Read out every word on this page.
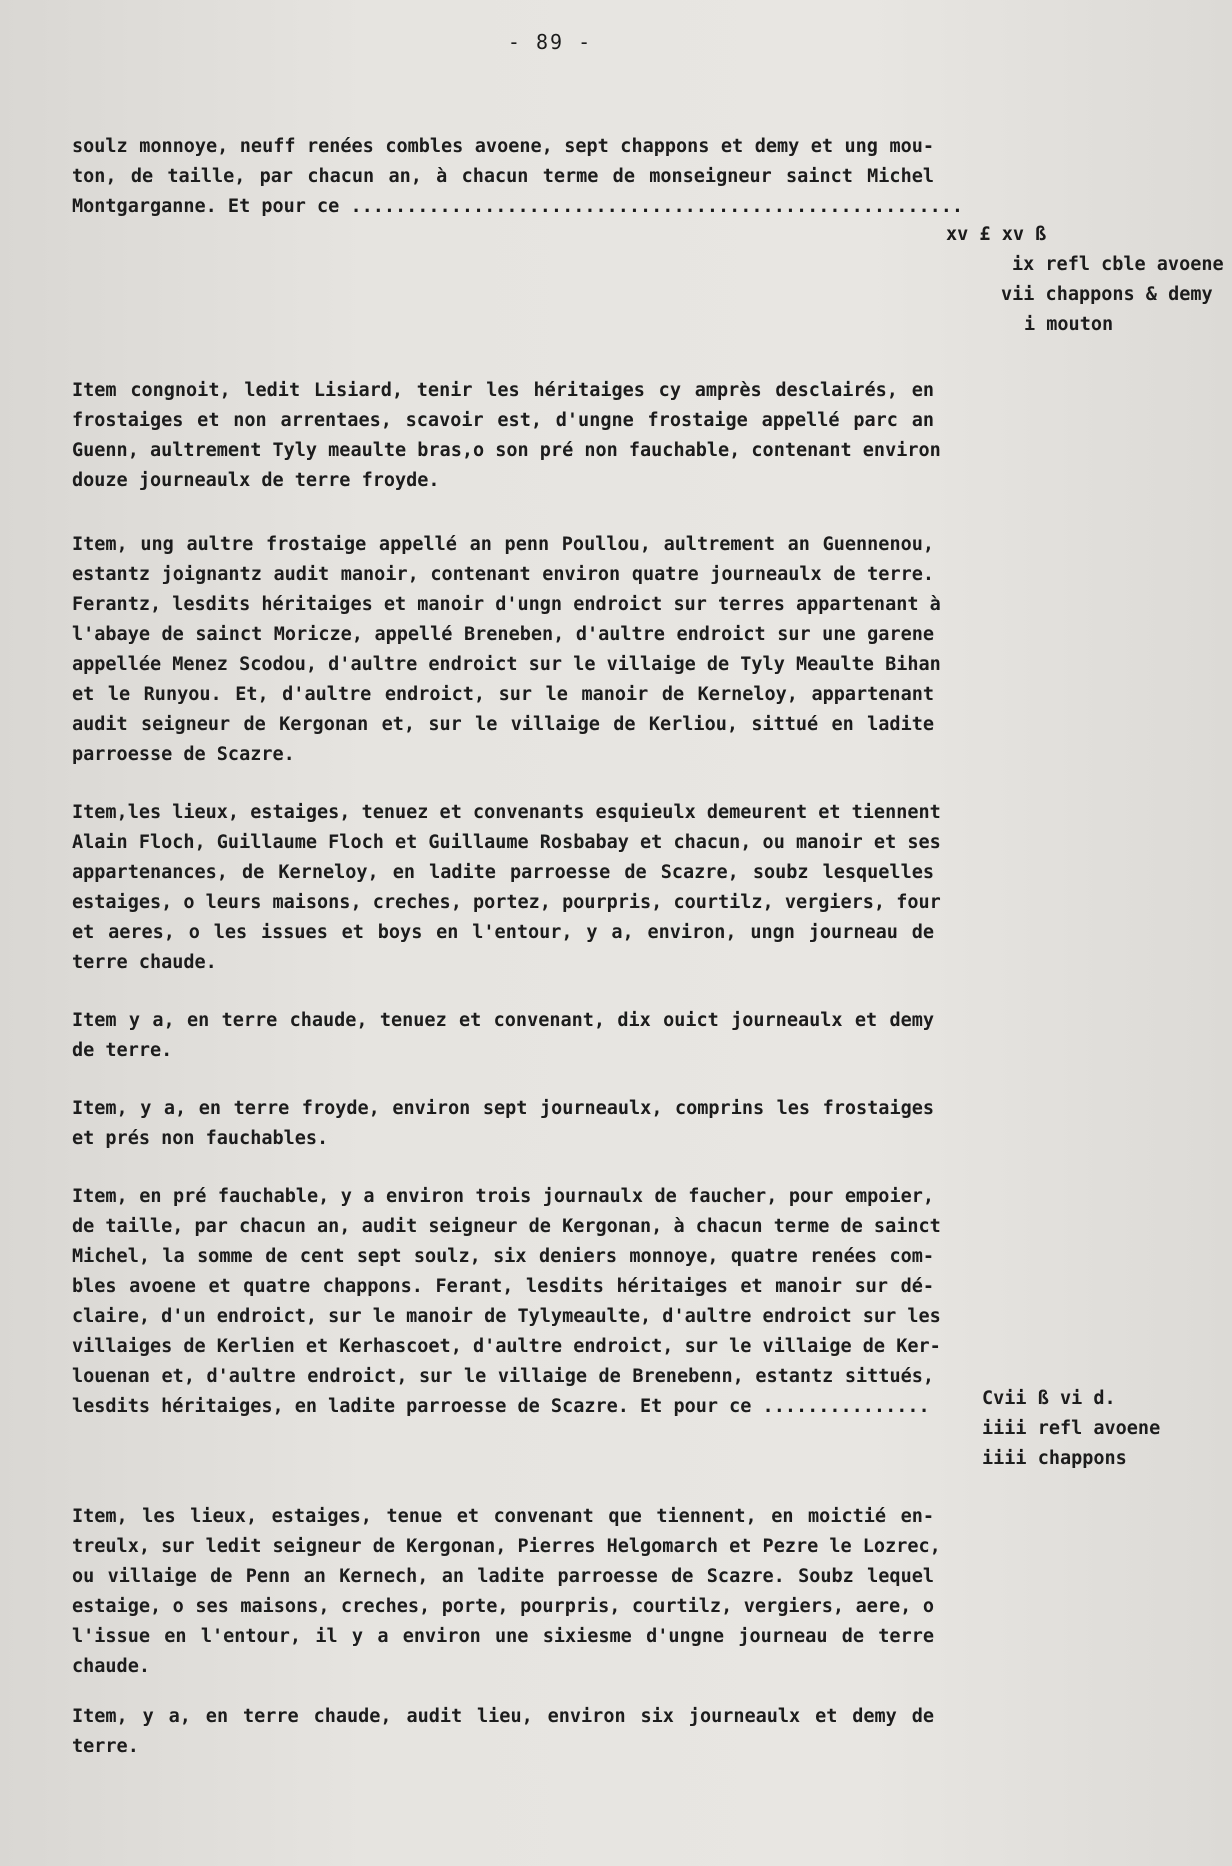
- 89 -

soulz monnoye, neuff renées combles avoene, sept chappons et demy et ung mou-
ton, de taille, par chacun an, à chacun terme de monseigneur sainct Michel
Montgarganne. Et pour ce .......................................................

xv £ xv ß
ix refl cble avoene
vii chappons & demy
i mouton

Item congnoit, ledit Lisiard, tenir les héritaiges cy amprès desclairés, en
frostaiges et non arrentaes, scavoir est, d'ungne frostaige appellé parc an
Guenn, aultrement Tyly meaulte bras,o son pré non fauchable, contenant environ
douze journeaulx de terre froyde.

Item, ung aultre frostaige appellé an penn Poullou, aultrement an Guennenou,
estantz joignantz audit manoir, contenant environ quatre journeaulx de terre.
Ferantz, lesdits héritaiges et manoir d'ungn endroict sur terres appartenant à
l'abaye de sainct Moricze, appellé Breneben, d'aultre endroict sur une garene
appellée Menez Scodou, d'aultre endroict sur le villaige de Tyly Meaulte Bihan
et le Runyou. Et, d'aultre endroict, sur le manoir de Kerneloy, appartenant
audit seigneur de Kergonan et, sur le villaige de Kerliou, sittué en ladite
parroesse de Scazre.

Item,les lieux, estaiges, tenuez et convenants esquieulx demeurent et tiennent
Alain Floch, Guillaume Floch et Guillaume Rosbabay et chacun, ou manoir et ses
appartenances, de Kerneloy, en ladite parroesse de Scazre, soubz lesquelles
estaiges, o leurs maisons, creches, portez, pourpris, courtilz, vergiers, four
et aeres, o les issues et boys en l'entour, y a, environ, ungn journeau de
terre chaude.

Item y a, en terre chaude, tenuez et convenant, dix ouict journeaulx et demy
de terre.

Item, y a, en terre froyde, environ sept journeaulx, comprins les frostaiges
et prés non fauchables.

Item, en pré fauchable, y a environ trois journaulx de faucher, pour empoier,
de taille, par chacun an, audit seigneur de Kergonan, à chacun terme de sainct
Michel, la somme de cent sept soulz, six deniers monnoye, quatre renées com-
bles avoene et quatre chappons. Ferant, lesdits héritaiges et manoir sur dé-
claire, d'un endroict, sur le manoir de Tylymeaulte, d'aultre endroict sur les
villaiges de Kerlien et Kerhascoet, d'aultre endroict, sur le villaige de Ker-
louenan et, d'aultre endroict, sur le villaige de Brenebenn, estantz sittués,
lesdits héritaiges, en ladite parroesse de Scazre. Et pour ce ...............	Cvii ß vi d.
iiii refl avoene
iiii chappons

Item, les lieux, estaiges, tenue et convenant que tiennent, en moictié en-
treulx, sur ledit seigneur de Kergonan, Pierres Helgomarch et Pezre le Lozrec,
ou villaige de Penn an Kernech, an ladite parroesse de Scazre. Soubz lequel
estaige, o ses maisons, creches, porte, pourpris, courtilz, vergiers, aere, o
l'issue en l'entour, il y a environ une sixiesme d'ungne journeau de terre
chaude.

Item, y a, en terre chaude, audit lieu, environ six journeaulx et demy de
terre.
